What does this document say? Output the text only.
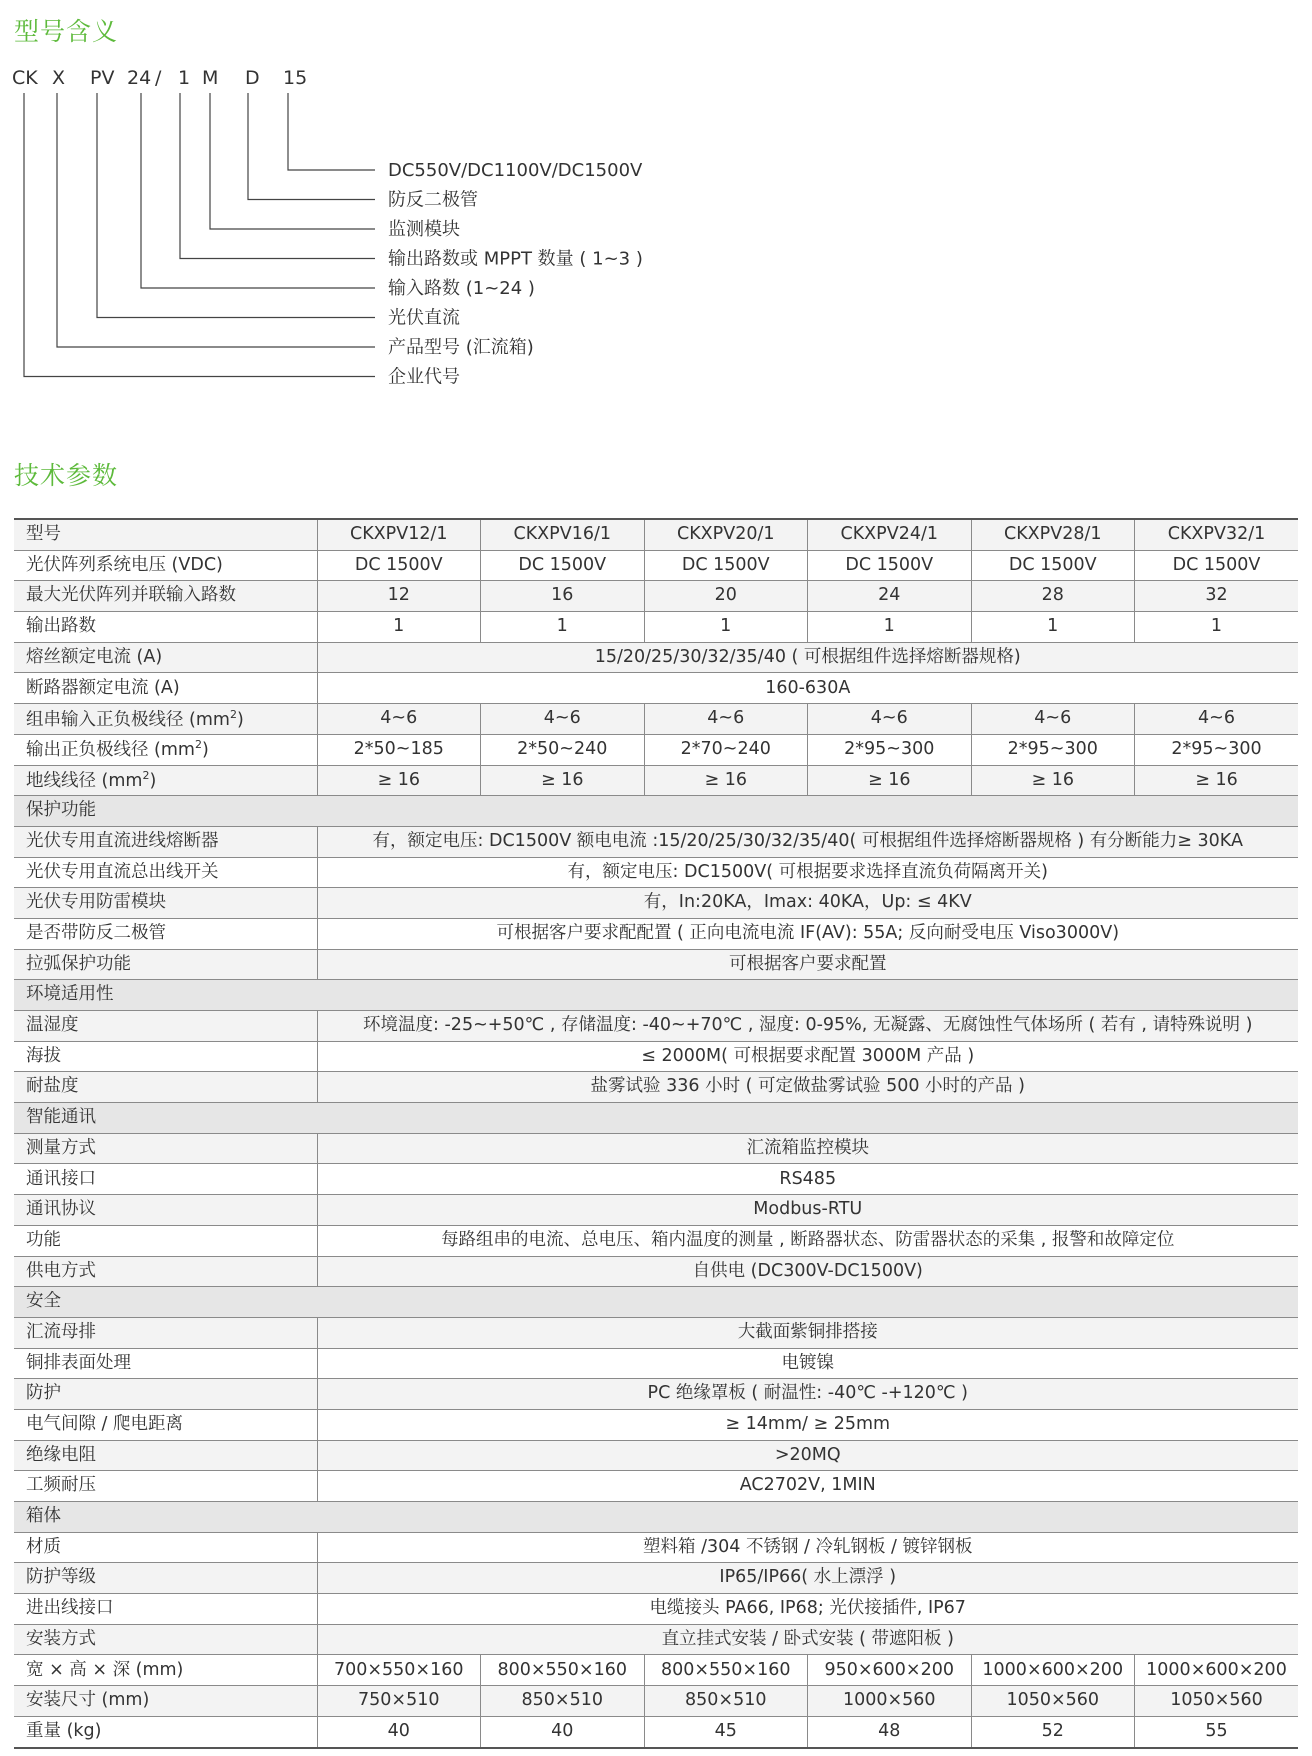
型号含义
CK X PV 24 / 1 M D 15
DC550V/DC1100V/DC1500V
防反二极管
监测模块
输出路数或 MPPT 数量 ( 1~3 )
输入路数 (1~24 )
光伏直流
产品型号 (汇流箱)
企业代号
技术参数
型号	CKXPV12/1	CKXPV16/1	CKXPV20/1	CKXPV24/1	CKXPV28/1	CKXPV32/1
光伏阵列系统电压 (VDC)	DC 1500V	DC 1500V	DC 1500V	DC 1500V	DC 1500V	DC 1500V
最大光伏阵列并联输入路数	12	16	20	24	28	32
输出路数	1	1	1	1	1	1
熔丝额定电流 (A)	15/20/25/30/32/35/40 ( 可根据组件选择熔断器规格)					
断路器额定电流 (A)	160-630A					
组串输入正负极线径 $(mm^2)$	4~6	4~6	4~6	4~6	4~6	4~6
输出正负极线径 $(mm^2)$	2*50~185	2*50~240	2*70~240	2*95~300	2*95~300	2*95~300
地线线径 $(mm^2)$	≥ 16	≥ 16	≥ 16	≥ 16	≥ 16	≥ 16
保护功能						
光伏专用直流进线熔断器	有，额定电压: DC1500V 额电电流 :15/20/25/30/32/35/40( 可根据组件选择熔断器规格 ) 有分断能力≥ 30KA					
光伏专用直流总出线开关	有，额定电压: DC1500V( 可根据要求选择直流负荷隔离开关)					
光伏专用防雷模块	有，In:20KA，Imax: 40KA，Up: ≤ 4KV					
是否带防反二极管	可根据客户要求配配置 ( 正向电流电流 IF(AV): 55A; 反向耐受电压 Viso3000V)					
拉弧保护功能	可根据客户要求配置					
环境适用性						
温湿度	环境温度: -25~+50℃ , 存储温度: -40~+70℃ , 湿度: 0-95%, 无凝露、无腐蚀性气体场所 ( 若有 , 请特殊说明 )					
海拔	≤ 2000M( 可根据要求配置 3000M 产品 )					
耐盐度	盐雾试验 336 小时 ( 可定做盐雾试验 500 小时的产品 )					
智能通讯						
测量方式	汇流箱监控模块					
通讯接口	RS485					
通讯协议	Modbus-RTU					
功能	每路组串的电流、总电压、箱内温度的测量 , 断路器状态、防雷器状态的采集 , 报警和故障定位					
供电方式	自供电 (DC300V-DC1500V)					
安全						
汇流母排	大截面紫铜排搭接					
铜排表面处理	电镀镍					
防护	PC 绝缘罩板 ( 耐温性: -40℃ -+120℃ )					
电气间隙 / 爬电距离	≥ 14mm/ ≥ 25mm					
绝缘电阻	>20MQ					
工频耐压	AC2702V, 1MIN					
箱体						
材质	塑料箱 /304 不锈钢 / 冷轧钢板 / 镀锌钢板					
防护等级	IP65/IP66( 水上漂浮 )					
进出线接口	电缆接头 PA66, IP68; 光伏接插件, IP67					
安装方式	直立挂式安装 / 卧式安装 ( 带遮阳板 )					
宽 × 高 × 深 (mm)	700×550×160	800×550×160	800×550×160	950×600×200	1000×600×200	1000×600×200
安装尺寸 (mm)	750×510	850×510	850×510	1000×560	1050×560	1050×560
重量 (kg)	40	40	45	48	52	55
